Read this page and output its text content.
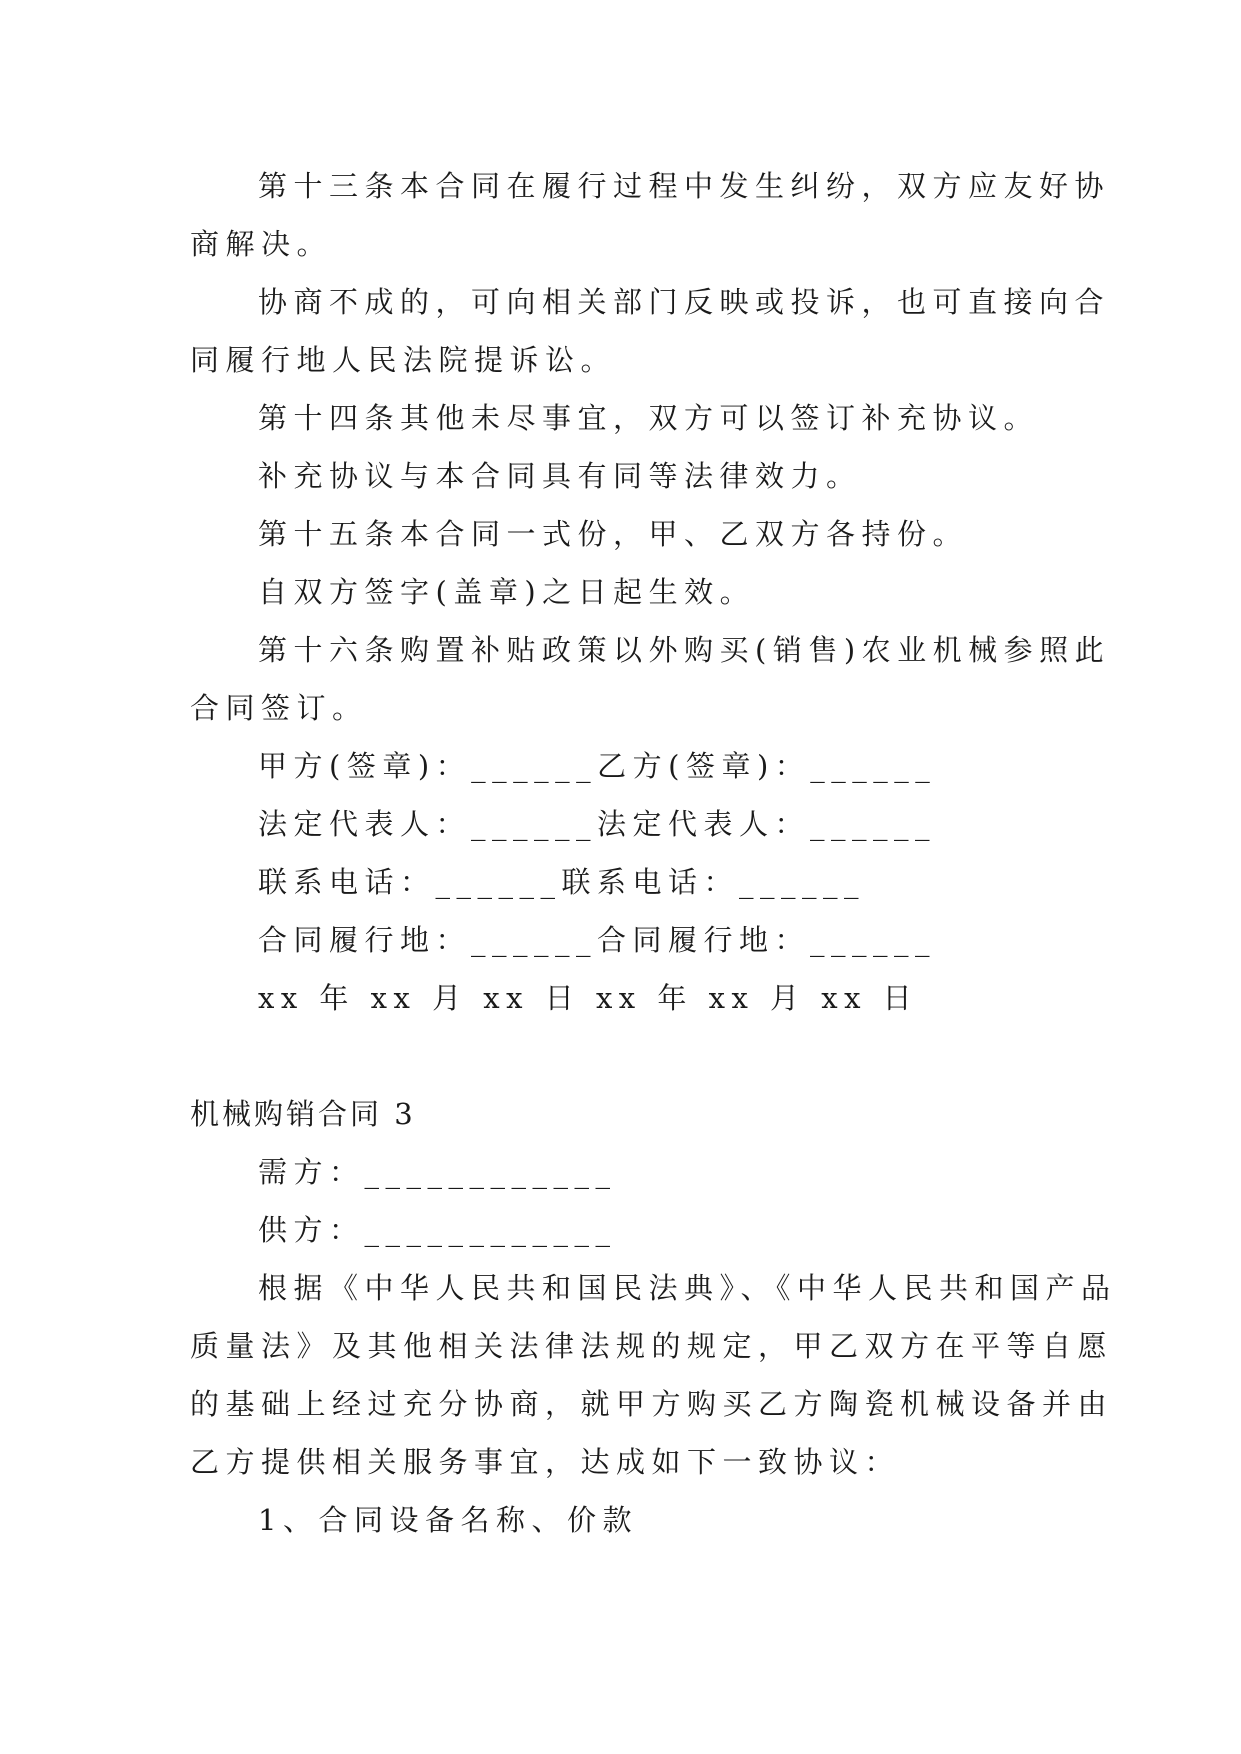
第十三条本合同在履行过程中发生纠纷，双方应友好协
商解决。
协商不成的，可向相关部门反映或投诉，也可直接向合
同履行地人民法院提诉讼。
第十四条其他未尽事宜，双方可以签订补充协议。
补充协议与本合同具有同等法律效力。
第十五条本合同一式份，甲、乙双方各持份。
自双方签字(盖章)之日起生效。
第十六条购置补贴政策以外购买(销售)农业机械参照此
合同签订。
甲方(签章)：______乙方(签章)：______
法定代表人：______法定代表人：______
联系电话：______联系电话：______
合同履行地：______合同履行地：______
xx 年 xx 月 xx 日 xx 年 xx 月 xx 日
机械购销合同 3
需方：____________
供方：____________
根据《中华人民共和国民法典》、《中华人民共和国产品
质量法》及其他相关法律法规的规定，甲乙双方在平等自愿
的基础上经过充分协商，就甲方购买乙方陶瓷机械设备并由
乙方提供相关服务事宜，达成如下一致协议：
1、合同设备名称、价款
